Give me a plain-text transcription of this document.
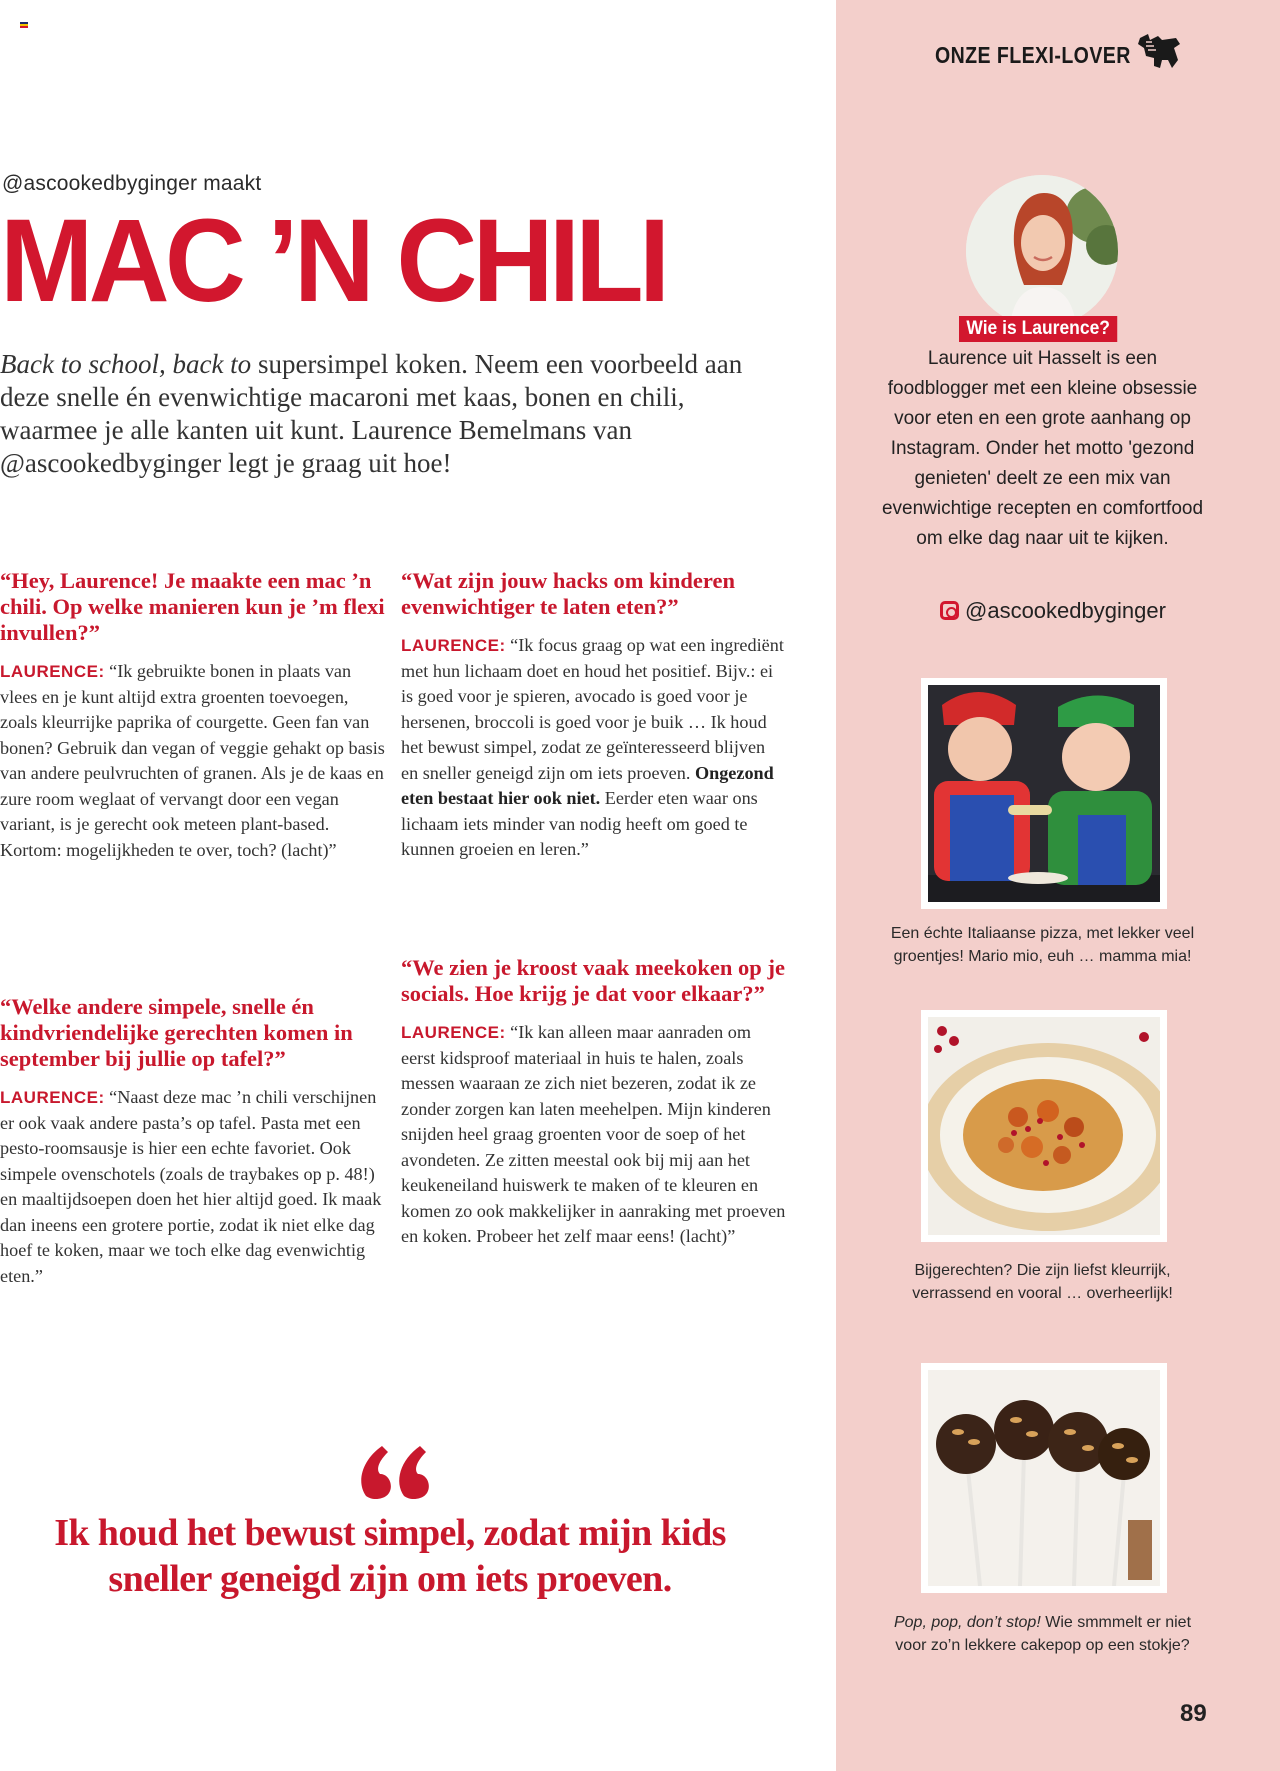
@ascookedbyginger maakt
MAC ’N CHILI

Back to school, back to supersimpel koken. Neem een voorbeeld aan deze snelle én evenwichtige macaroni met kaas, bonen en chili, waarmee je alle kanten uit kunt. Laurence Bemelmans van @ascookedbyginger legt je graag uit hoe!

“Hey, Laurence! Je maakte een mac ’n chili. Op welke manieren kun je ’m flexi invullen?”

LAURENCE: “Ik gebruikte bonen in plaats van vlees en je kunt altijd extra groenten toevoegen, zoals kleurrijke paprika of courgette. Geen fan van bonen? Gebruik dan vegan of veggie gehakt op basis van andere peulvruchten of granen. Als je de kaas en zure room weglaat of vervangt door een vegan variant, is je gerecht ook meteen plant-based. Kortom: mogelijkheden te over, toch? (lacht)”

“Welke andere simpele, snelle én kindvriendelijke gerechten komen in september bij jullie op tafel?”

LAURENCE: “Naast deze mac ’n chili verschijnen er ook vaak andere pasta’s op tafel. Pasta met een pesto-roomsausje is hier een echte favoriet. Ook simpele ovenschotels (zoals de traybakes op p. 48!) en maaltijdsoepen doen het hier altijd goed. Ik maak dan ineens een grotere portie, zodat ik niet elke dag hoef te koken, maar we toch elke dag evenwichtig eten.”

“Wat zijn jouw hacks om kinderen evenwichtiger te laten eten?”

LAURENCE: “Ik focus graag op wat een ingrediënt met hun lichaam doet en houd het positief. Bijv.: ei is goed voor je spieren, avocado is goed voor je hersenen, broccoli is goed voor je buik … Ik houd het bewust simpel, zodat ze geïnteresseerd blijven en sneller geneigd zijn om iets proeven. Ongezond eten bestaat hier ook niet. Eerder eten waar ons lichaam iets minder van nodig heeft om goed te kunnen groeien en leren.”

“We zien je kroost vaak meekoken op je socials. Hoe krijg je dat voor elkaar?”

LAURENCE: “Ik kan alleen maar aanraden om eerst kidsproof materiaal in huis te halen, zoals messen waaraan ze zich niet bezeren, zodat ik ze zonder zorgen kan laten meehelpen. Mijn kinderen snijden heel graag groenten voor de soep of het avondeten. Ze zitten meestal ook bij mij aan het keukeneiland huiswerk te maken of te kleuren en komen zo ook makkelijker in aanraking met proeven en koken. Probeer het zelf maar eens! (lacht)”

Ik houd het bewust simpel, zodat mijn kids sneller geneigd zijn om iets proeven.

ONZE FLEXI-LOVER
Wie is Laurence?

Laurence uit Hasselt is een foodblogger met een kleine obsessie voor eten en een grote aanhang op Instagram. Onder het motto 'gezond genieten' deelt ze een mix van evenwichtige recepten en comfortfood om elke dag naar uit te kijken.

@ascookedbyginger

Een échte Italiaanse pizza, met lekker veel groentjes! Mario mio, euh … mamma mia!

Bijgerechten? Die zijn liefst kleurrijk, verrassend en vooral … overheerlijk!

Pop, pop, don’t stop! Wie smmmelt er niet voor zo’n lekkere cakepop op een stokje?

89
